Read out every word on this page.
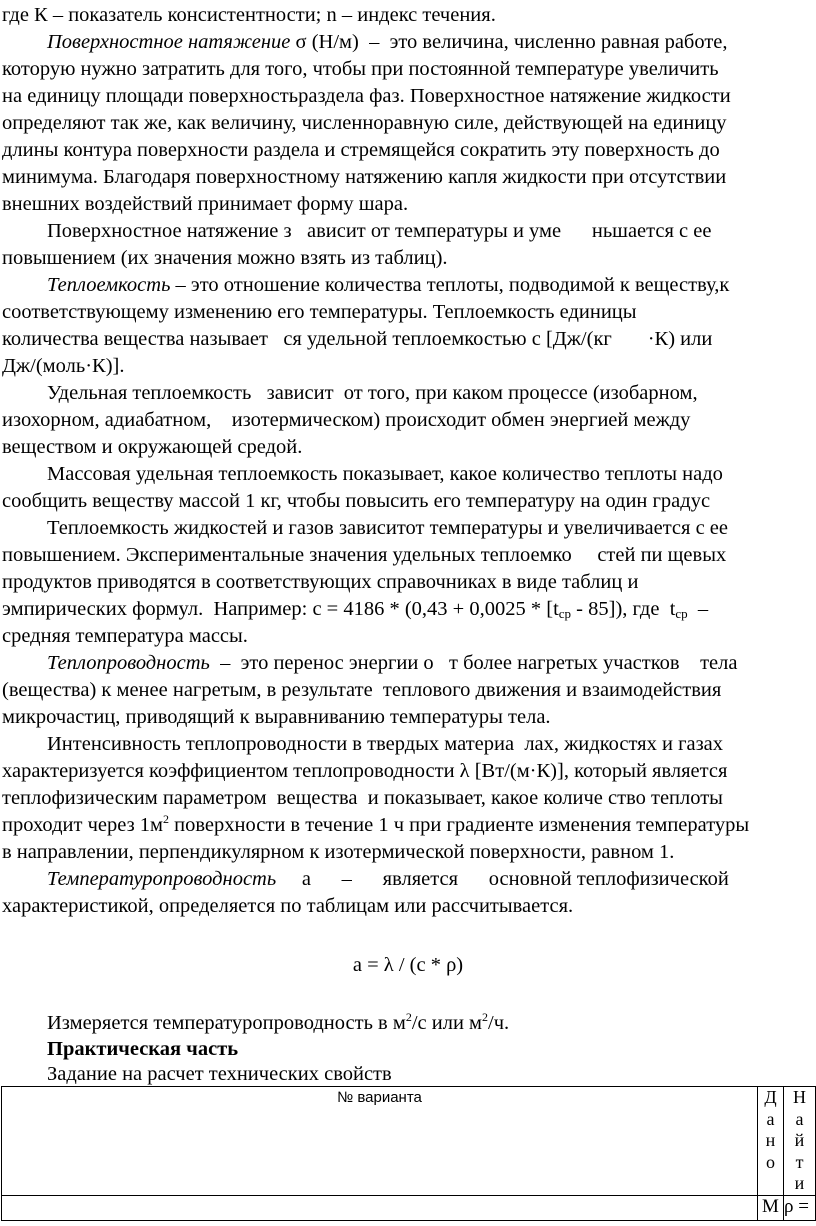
где К – показатель консистентности; n – индекс течения.
Поверхностное натяжение σ (Н/м)  –  это величина, численно равная работе,
которую нужно затратить для того, чтобы при постоянной температуре увеличить
на единицу площади поверхностьраздела фаз. Поверхностное натяжение жидкости
определяют так же, как величину, численноравную силе, действующей на единицу
длины контура поверхности раздела и стремящейся сократить эту поверхность до
минимума. Благодаря поверхностному натяжению капля жидкости при отсутствии
внешних воздействий принимает форму шара.
Поверхностное натяжение з   ависит от температуры и уме      ньшается с ее
повышением (их значения можно взять из таблиц).
Теплоемкость – это отношение количества теплоты, подводимой к веществу,к
соответствующему изменению его температуры. Теплоемкость единицы
количества вещества называет   ся удельной теплоемкостью с [Дж/(кг       ·К) или
Дж/(моль·К)].
Удельная теплоемкость   зависит  от того, при каком процессе (изобарном,
изохорном, адиабатном,    изотермическом) происходит обмен энергией между
веществом и окружающей средой.
Массовая удельная теплоемкость показывает, какое количество теплоты надо
сообщить веществу массой 1 кг, чтобы повысить его температуру на один градус
Теплоемкость жидкостей и газов зависитот температуры и увеличивается с ее
повышением. Экспериментальные значения удельных теплоемко     стей пи щевых
продуктов приводятся в соответствующих справочниках в виде таблиц и
эмпирических формул.  Например: $с = 4186 * (0,43 + 0,0025 * [t_{ср} - 85])$, где  $t_{ср}$  –
средняя температура массы.
Теплопроводность  –  это перенос энергии о   т более нагретых участков    тела
(вещества) к менее нагретым, в результате  теплового движения и взаимодействия
микрочастиц, приводящий к выравниванию температуры тела.
Интенсивность теплопроводности в твердых материа  лах, жидкостях и газах
характеризуется коэффициентом теплопроводности λ [Вт/(м·К)], который является
теплофизическим параметром  вещества  и показывает, какое количе ство теплоты
проходит через $1м^2$ поверхности в течение 1 ч при градиенте изменения температуры
в направлении, перпендикулярном к изотермической поверхности, равном 1.
Температуропроводность     а      –      является      основной теплофизической
характеристикой, определяется по таблицам или рассчитывается.
а = λ / (с * ρ)
Измеряется температуропроводность в $м^2/с$ или $м^2/ч$.
Практическая часть
Задание на расчет технических свойств
№ варианта	Д
а
н
о	Н
а
й
т
и

	М	ρ =
